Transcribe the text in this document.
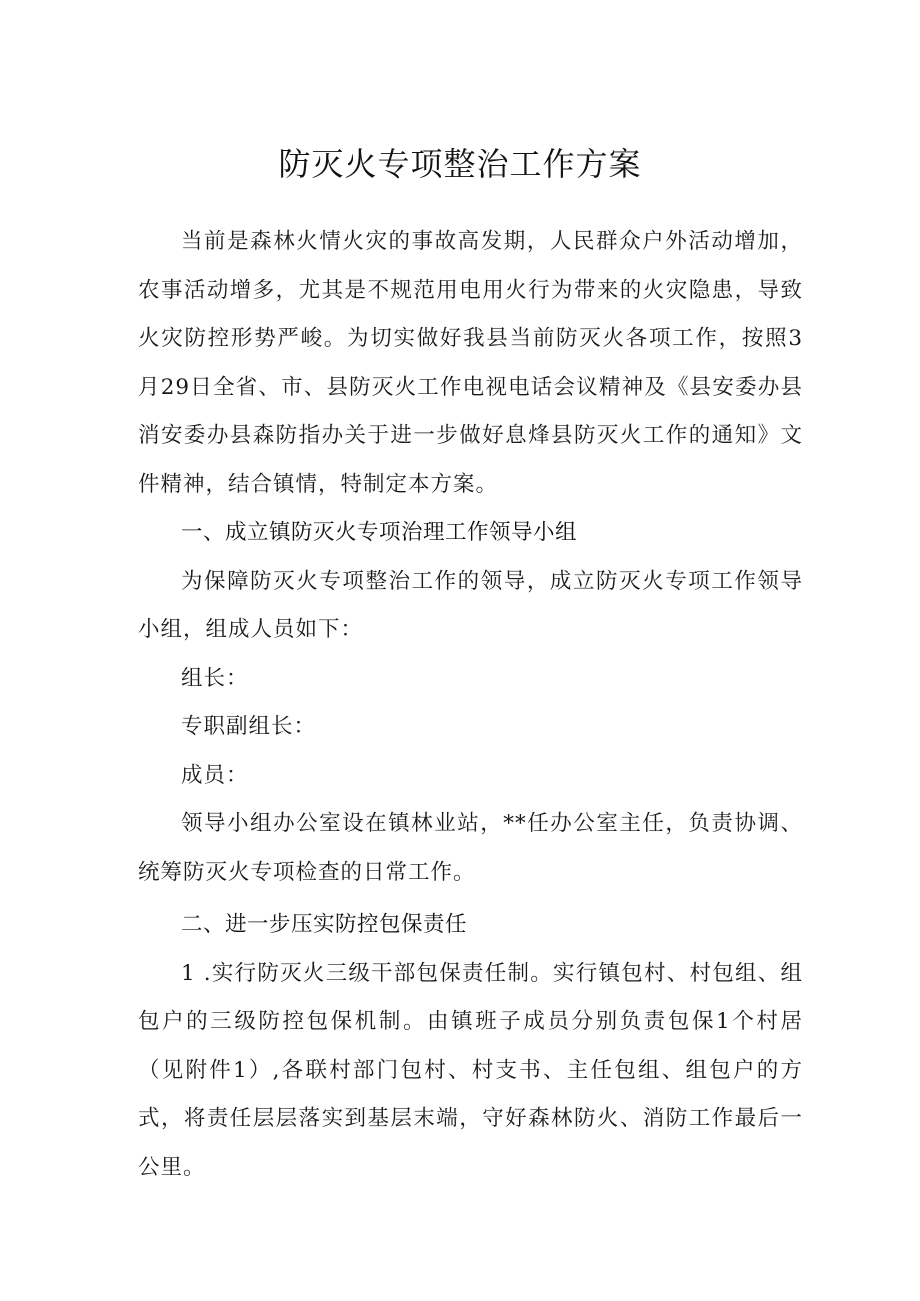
防灭火专项整治工作方案

当前是森林火情火灾的事故高发期，人民群众户外活动增加，农事活动增多，尤其是不规范用电用火行为带来的火灾隐患，导致火灾防控形势严峻。为切实做好我县当前防灭火各项工作，按照3月29日全省、市、县防灭火工作电视电话会议精神及《县安委办县消安委办县森防指办关于进一步做好息烽县防灭火工作的通知》文件精神，结合镇情，特制定本方案。

一、成立镇防灭火专项治理工作领导小组

为保障防灭火专项整治工作的领导，成立防灭火专项工作领导小组，组成人员如下：

组长：

专职副组长：

成员：

领导小组办公室设在镇林业站，**任办公室主任，负责协调、统筹防灭火专项检查的日常工作。

二、进一步压实防控包保责任

1 .实行防灭火三级干部包保责任制。实行镇包村、村包组、组包户的三级防控包保机制。由镇班子成员分别负责包保1个村居（见附件1）,各联村部门包村、村支书、主任包组、组包户的方式，将责任层层落实到基层末端，守好森林防火、消防工作最后一公里。
